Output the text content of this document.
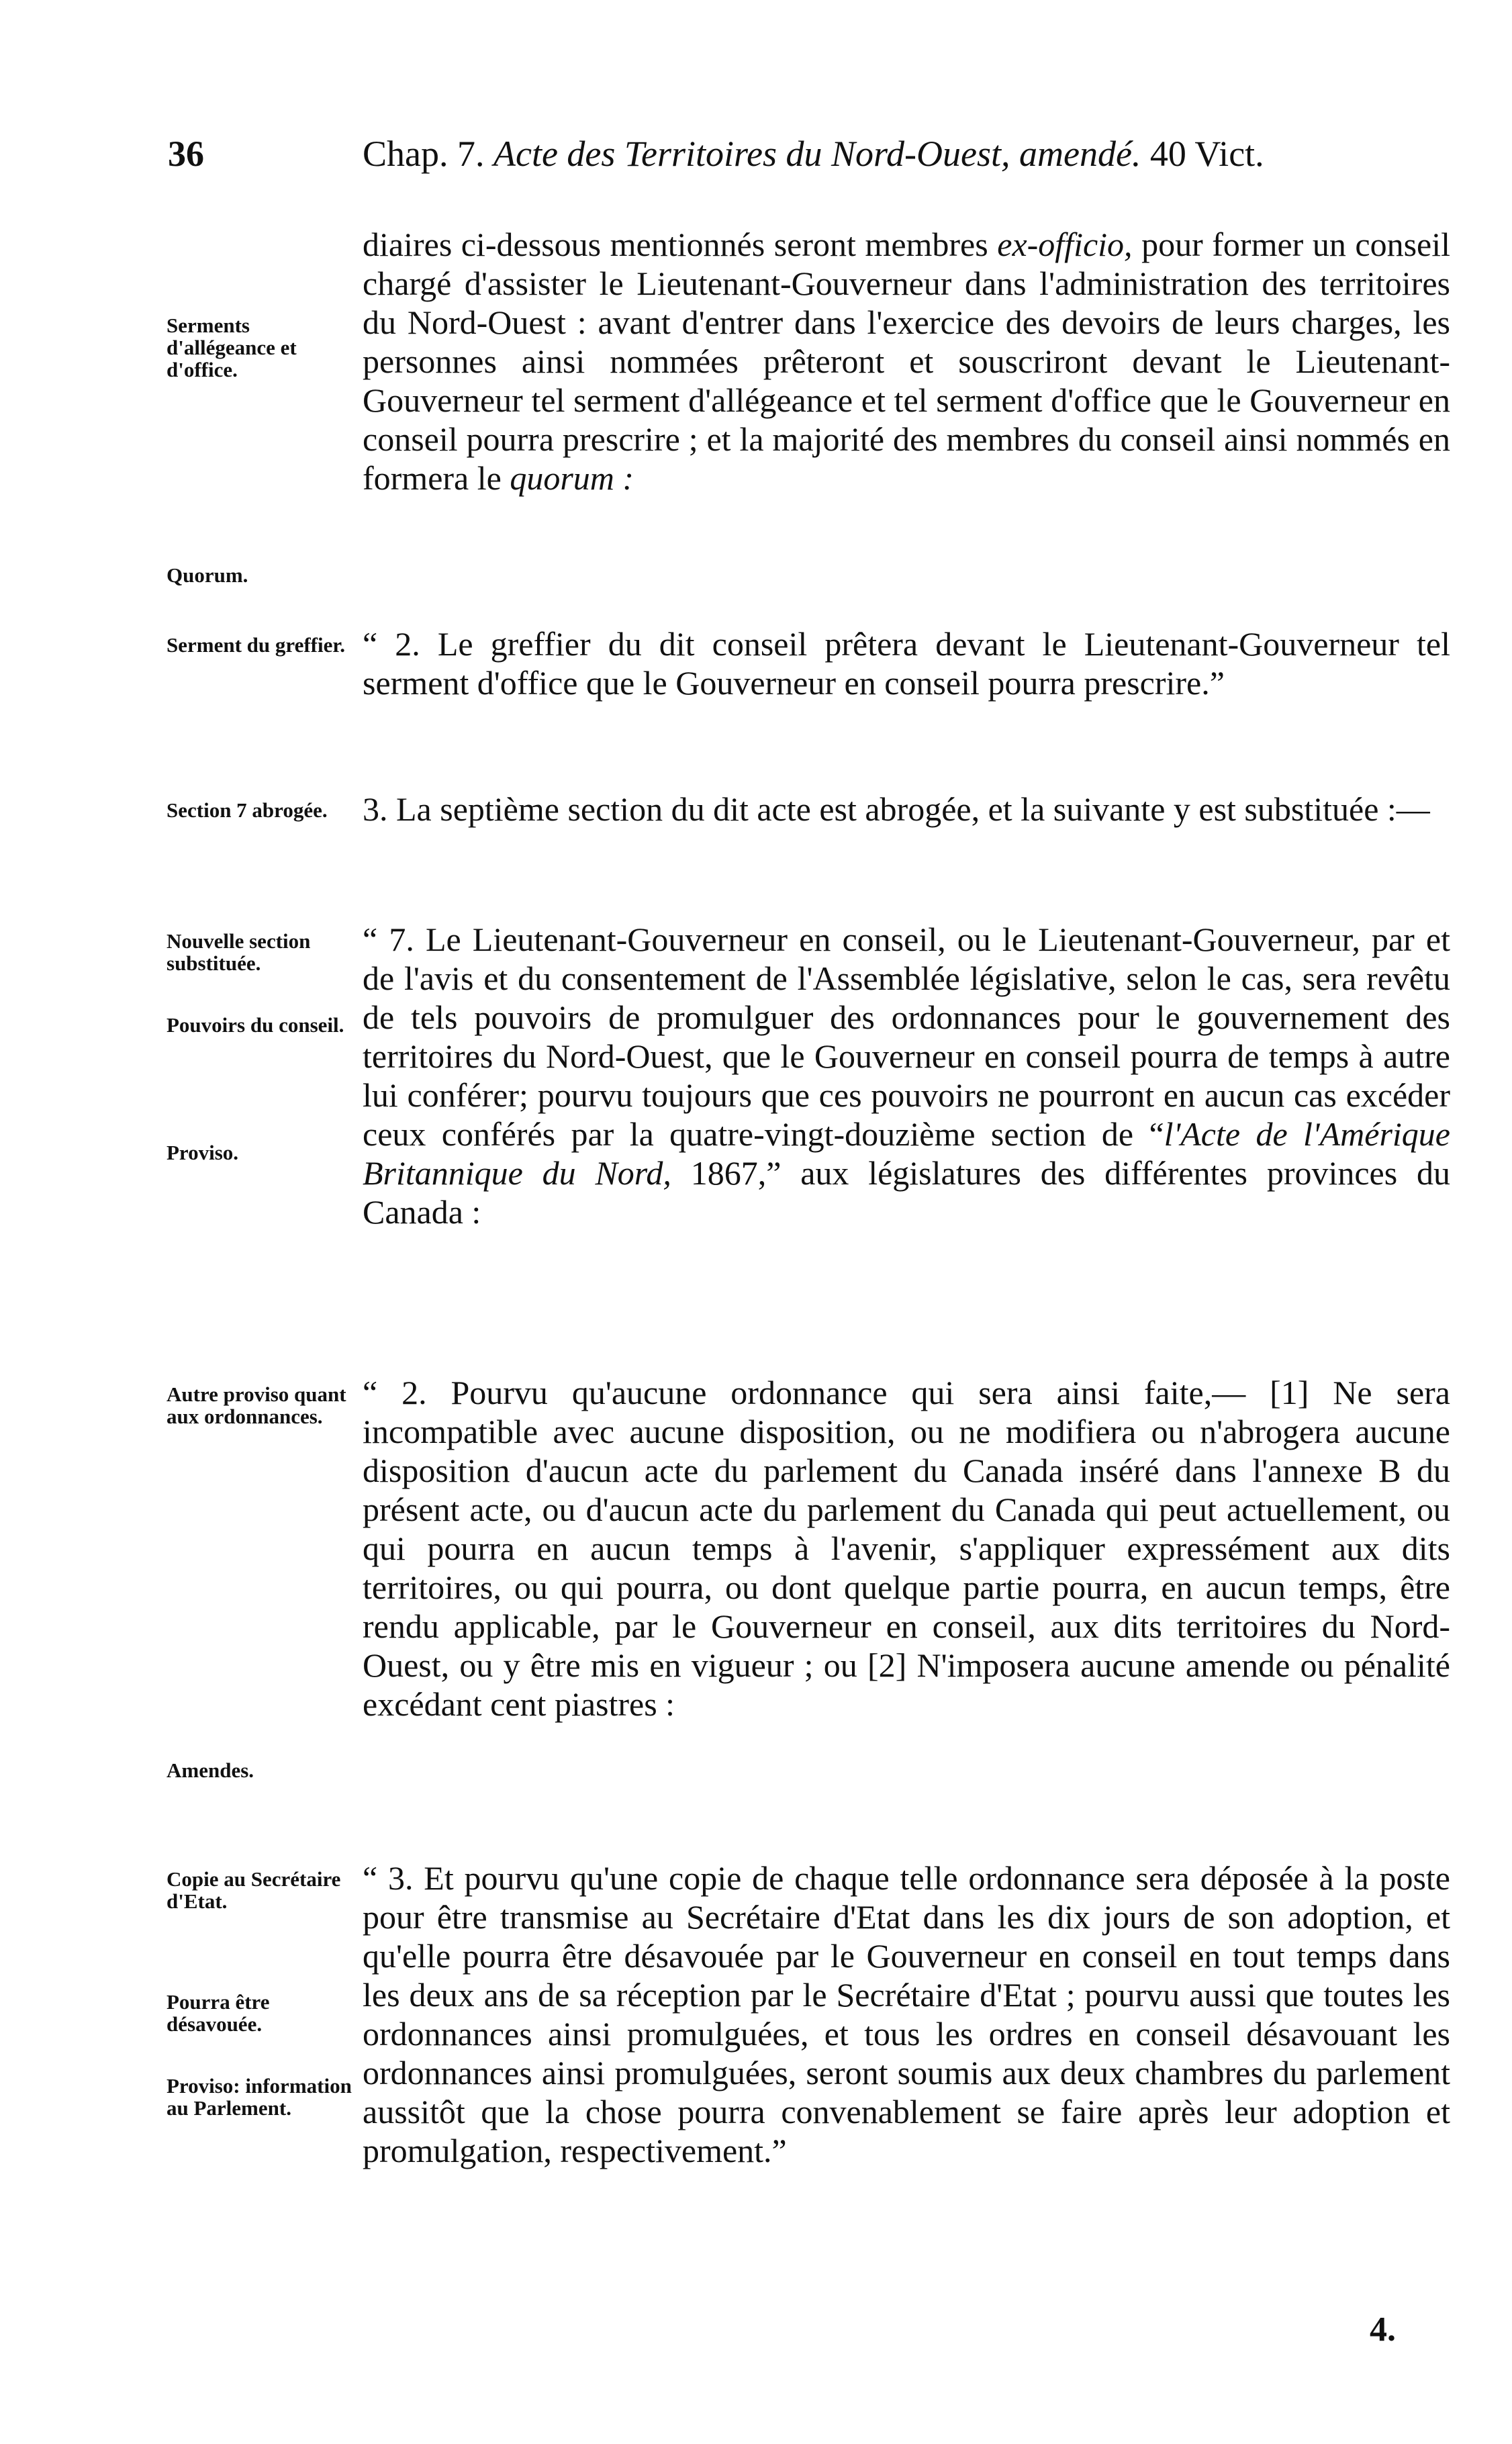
36	Chap. 7. Acte des Territoires du Nord-Ouest, amendé. 40 Vict.
Serments d'allégeance et d'office.
Quorum.
Serment du greffier.
Section 7 abrogée.
Nouvelle section substituée.
Pouvoirs du conseil.
Proviso.
Autre proviso quant aux ordonnances.
Amendes.
Copie au Secrétaire d'Etat.
Pourra être désavouée.
Proviso: information au Parlement.

diaires ci-dessous mentionnés seront membres ex-officio, pour former un conseil chargé d'assister le Lieutenant-Gouverneur dans l'administration des territoires du Nord-Ouest : avant d'entrer dans l'exercice des devoirs de leurs charges, les personnes ainsi nommées prêteront et souscriront devant le Lieutenant-Gouverneur tel serment d'allégeance et tel serment d'office que le Gouverneur en conseil pourra prescrire ; et la majorité des membres du conseil ainsi nommés en formera le quorum :

“ 2. Le greffier du dit conseil prêtera devant le Lieutenant-Gouverneur tel serment d'office que le Gouverneur en conseil pourra prescrire.”

3. La septième section du dit acte est abrogée, et la suivante y est substituée :—

“ 7. Le Lieutenant-Gouverneur en conseil, ou le Lieutenant-Gouverneur, par et de l'avis et du consentement de l'Assemblée législative, selon le cas, sera revêtu de tels pouvoirs de promulguer des ordonnances pour le gouvernement des territoires du Nord-Ouest, que le Gouverneur en conseil pourra de temps à autre lui conférer; pourvu toujours que ces pouvoirs ne pourront en aucun cas excéder ceux conférés par la quatre-vingt-douzième section de “l'Acte de l'Amérique Britannique du Nord, 1867,” aux législatures des différentes provinces du Canada :

“ 2. Pourvu qu'aucune ordonnance qui sera ainsi faite,— [1] Ne sera incompatible avec aucune disposition, ou ne modifiera ou n'abrogera aucune disposition d'aucun acte du parlement du Canada inséré dans l'annexe B du présent acte, ou d'aucun acte du parlement du Canada qui peut actuellement, ou qui pourra en aucun temps à l'avenir, s'appliquer expressément aux dits territoires, ou qui pourra, ou dont quelque partie pourra, en aucun temps, être rendu applicable, par le Gouverneur en conseil, aux dits territoires du Nord-Ouest, ou y être mis en vigueur ; ou [2] N'imposera aucune amende ou pénalité excédant cent piastres :

“ 3. Et pourvu qu'une copie de chaque telle ordonnance sera déposée à la poste pour être transmise au Secrétaire d'Etat dans les dix jours de son adoption, et qu'elle pourra être désavouée par le Gouverneur en conseil en tout temps dans les deux ans de sa réception par le Secrétaire d'Etat ; pourvu aussi que toutes les ordonnances ainsi promulguées, et tous les ordres en conseil désavouant les ordonnances ainsi promulguées, seront soumis aux deux chambres du parlement aussitôt que la chose pourra convenablement se faire après leur adoption et promulgation, respectivement.”

4.
